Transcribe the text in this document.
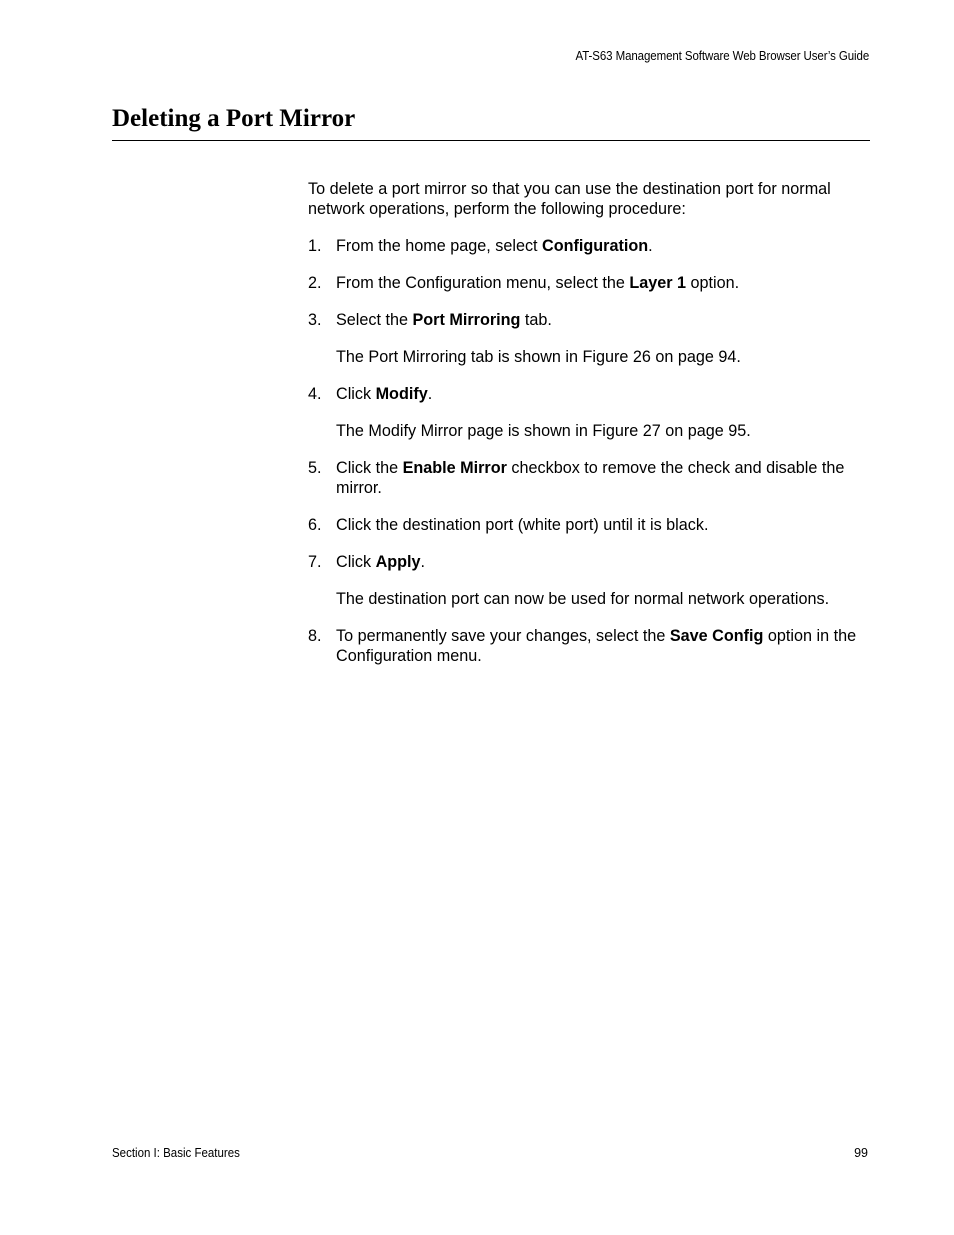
AT-S63 Management Software Web Browser User’s Guide
Deleting a Port Mirror

To delete a port mirror so that you can use the destination port for normal network operations, perform the following procedure:

1. From the home page, select Configuration.
2. From the Configuration menu, select the Layer 1 option.
3. Select the Port Mirroring tab.

The Port Mirroring tab is shown in Figure 26 on page 94.

4. Click Modify.

The Modify Mirror page is shown in Figure 27 on page 95.

5. Click the Enable Mirror checkbox to remove the check and disable the mirror.
6. Click the destination port (white port) until it is black.
7. Click Apply.

The destination port can now be used for normal network operations.

8. To permanently save your changes, select the Save Config option in the Configuration menu.
Section I: Basic Features	99
